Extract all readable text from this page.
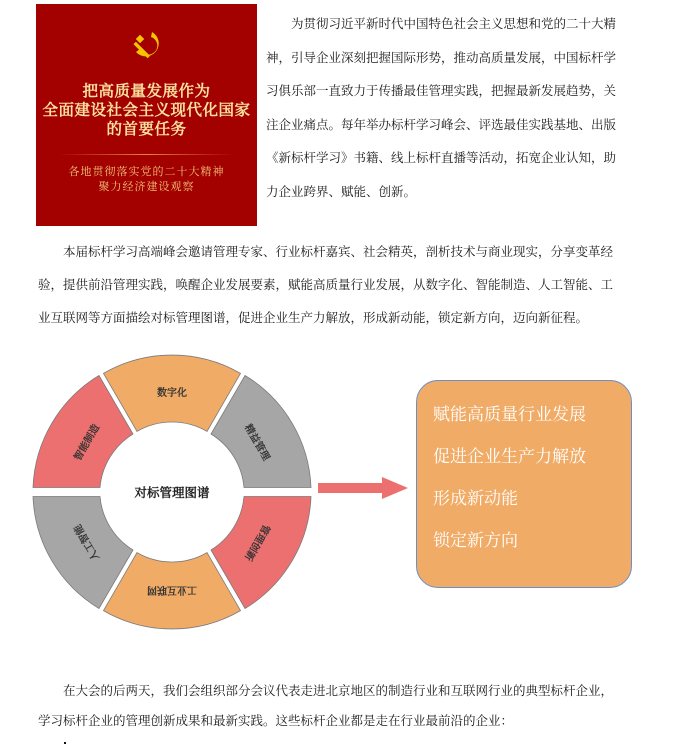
把高质量发展作为
全面建设社会主义现代化国家
的首要任务
各地贯彻落实党的二十大精神
聚力经济建设观察

为贯彻习近平新时代中国特色社会主义思想和党的二十大精

神，引导企业深刻把握国际形势，推动高质量发展，中国标杆学

习俱乐部一直致力于传播最佳管理实践，把握最新发展趋势，关

注企业痛点。每年举办标杆学习峰会、评选最佳实践基地、出版

《新标杆学习》书籍、线上标杆直播等活动，拓宽企业认知，助

力企业跨界、赋能、创新。

本届标杆学习高端峰会邀请管理专家、行业标杆嘉宾、社会精英，剖析技术与商业现实，分享变革经

验，提供前沿管理实践，唤醒企业发展要素，赋能高质量行业发展，从数字化、智能制造、人工智能、工

业互联网等方面描绘对标管理图谱，促进企业生产力解放，形成新动能，锁定新方向，迈向新征程。

数字化
精益管理
管理创新
工业互联网
人工智能
智能制造
对标管理图谱
赋能高质量行业发展
促进企业生产力解放
形成新动能
锁定新方向

在大会的后两天，我们会组织部分会议代表走进北京地区的制造行业和互联网行业的典型标杆企业，

学习标杆企业的管理创新成果和最新实践。这些标杆企业都是走在行业最前沿的企业：
